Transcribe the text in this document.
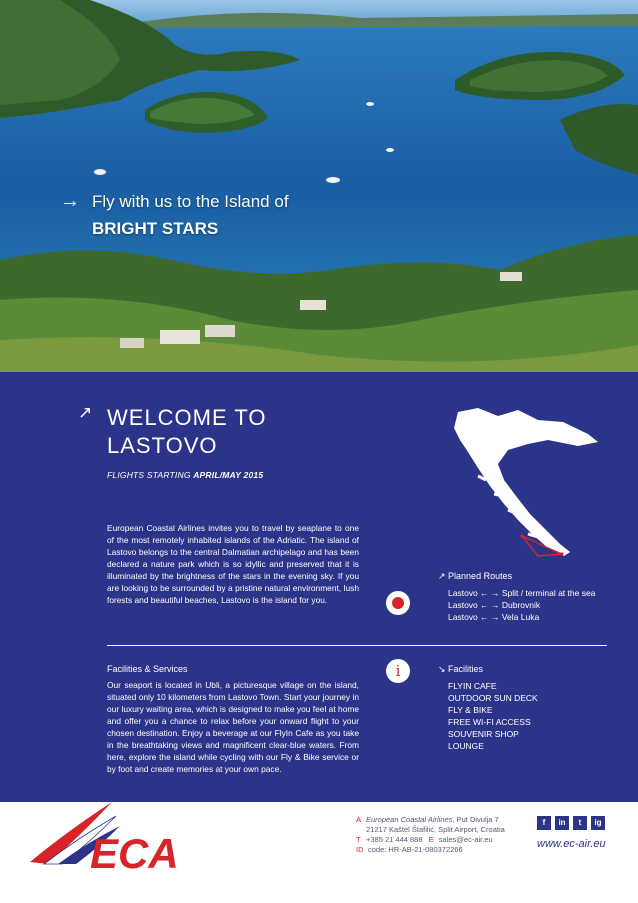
→ Fly with us to the Island of
BRIGHT STARS
↗ WELCOME TO LASTOVO
FLIGHTS STARTING APRIL/MAY 2015

European Coastal Airlines invites you to travel by seaplane to one of the most remotely inhabited islands of the Adriatic. The island of Lastovo belongs to the central Dalmatian archipelago and has been declared a nature park which is so idyllic and preserved that it is illuminated by the brightness of the stars in the evening sky. If you are looking to be surrounded by a pristine natural environment, lush forests and beautiful beaches, Lastovo is the island for you.

↗ Planned Routes
Lastovo ← → Split / terminal at the sea
Lastovo ← → Dubrovnik
Lastovo ← → Vela Luka
Facilities & Services

Our seaport is located in Ubli, a picturesque village on the island, situated only 10 kilometers from Lastovo Town. Start your journey in our luxury waiting area, which is designed to make you feel at home and offer you a chance to relax before your onward flight to your chosen destination. Enjoy a beverage at our FlyIn Cafe as you take in the breathtaking views and magnificent clear-blue waters. From here, explore the island while cycling with our Fly & Bike service or by foot and create memories at your own pace.

i	↘ Facilities
FLYIN CAFE
OUTDOOR SUN DECK
FLY & BIKE
FREE WI-FI ACCESS
SOUVENIR SHOP
LOUNGE
ECA
A European Coastal Airlines, Put Divulja 7
21217 Kaštel Štafilić, Split Airport, Croatia
T +385 21 444 888 E sales@ec-air.eu
ID code: HR-AB-21-080372266
f	in	t	ig
www.ec-air.eu
